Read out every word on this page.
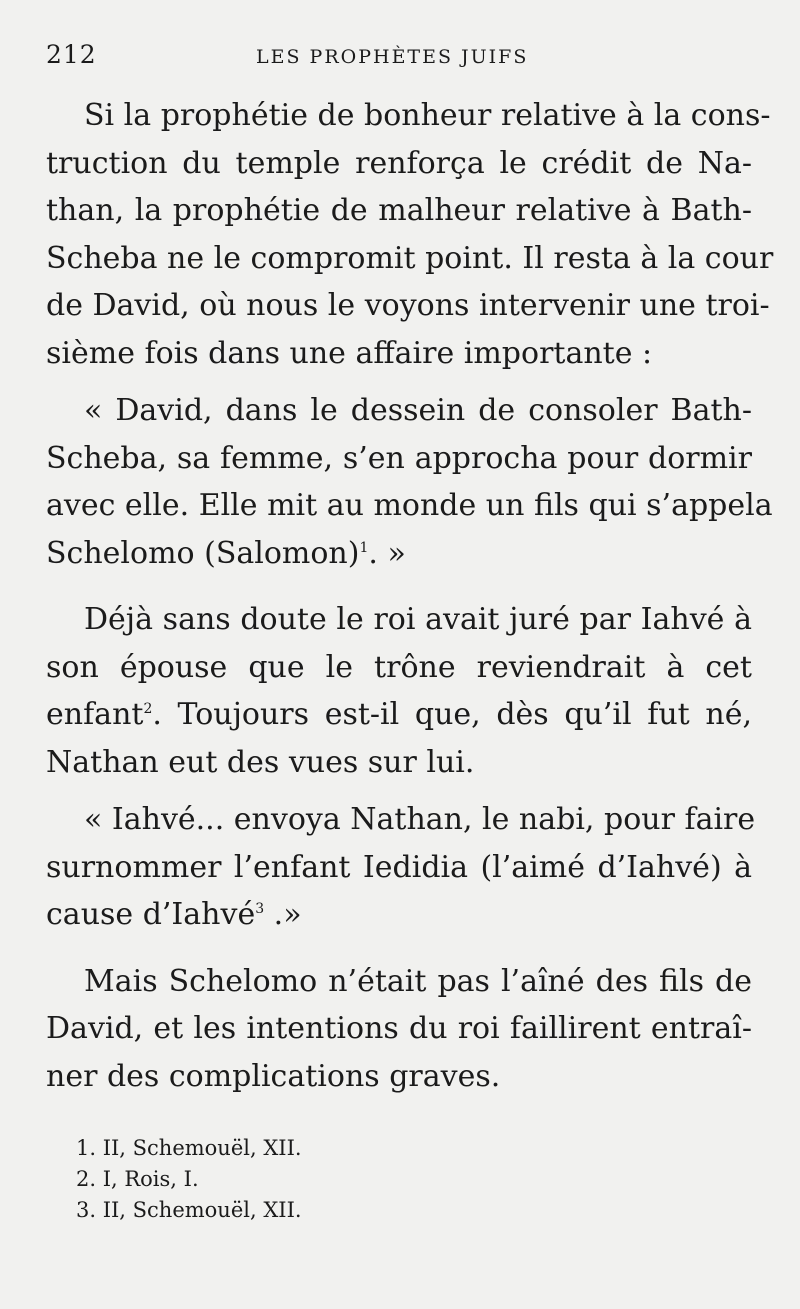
212	LES PROPHÈTES JUIFS

Si la prophétie de bonheur relative à la cons-
truction du temple renforça le crédit de Na-
than, la prophétie de malheur relative à Bath-
Scheba ne le compromit point. Il resta à la cour
de David, où nous le voyons intervenir une troi-
sième fois dans une affaire importante :

« David, dans le dessein de consoler Bath-
Scheba, sa femme, s’en approcha pour dormir
avec elle. Elle mit au monde un fils qui s’appela
Schelomo (Salomon)$^1$. »

Déjà sans doute le roi avait juré par Iahvé à
son épouse que le trône reviendrait à cet
enfant$^2$. Toujours est-il que, dès qu’il fut né,
Nathan eut des vues sur lui.

« Iahvé... envoya Nathan, le nabi, pour faire
surnommer l’enfant Iedidia (l’aimé d’Iahvé) à
cause d’Iahvé$^3$ .»

Mais Schelomo n’était pas l’aîné des fils de
David, et les intentions du roi faillirent entraî-
ner des complications graves.

1. II, Schemouël, XII.
2. I, Rois, I.
3. II, Schemouël, XII.
